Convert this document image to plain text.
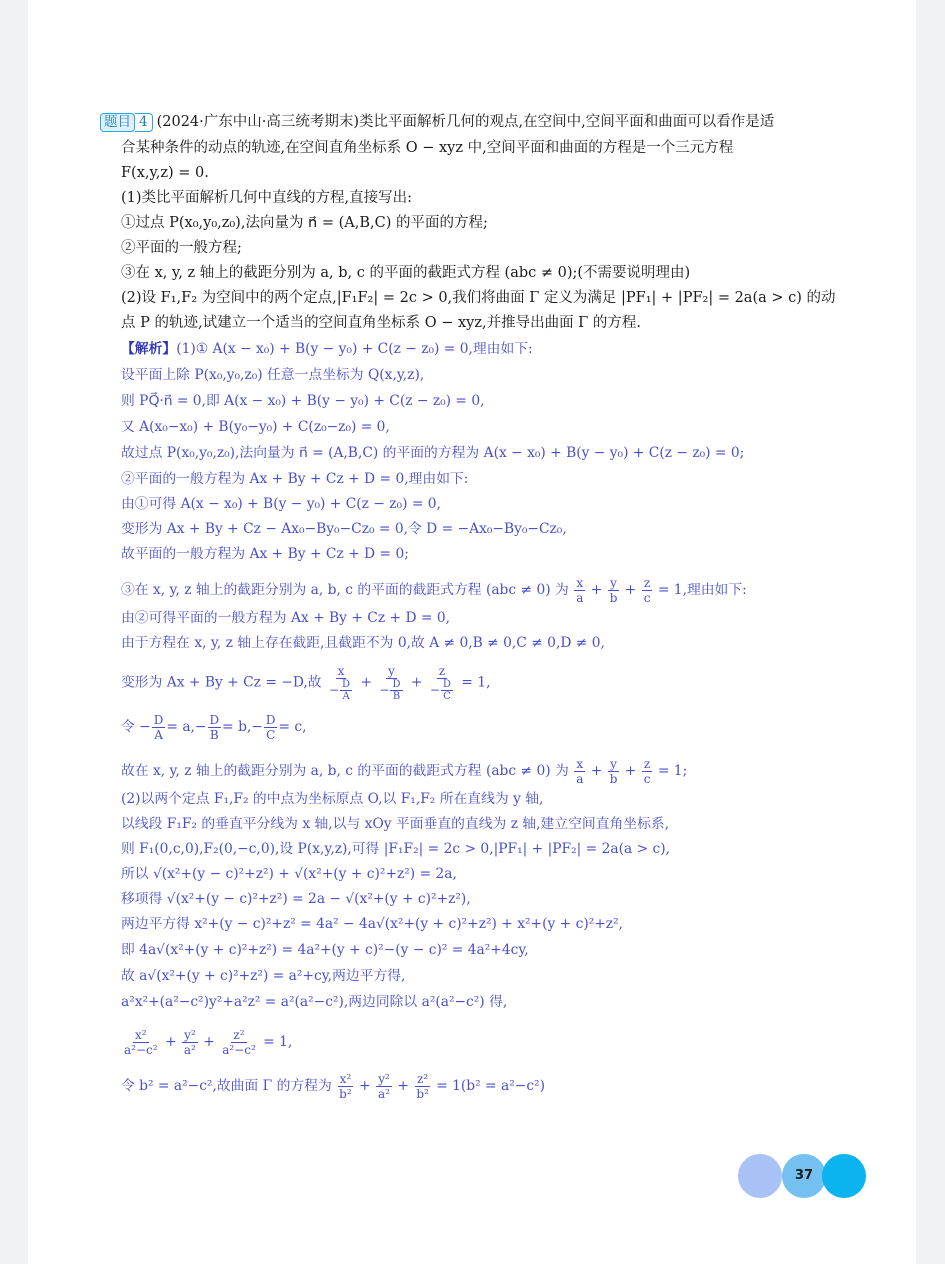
题目 4 (2024·广东中山·高三统考期末)类比平面解析几何的观点,在空间中,空间平面和曲面可以看作是适
合某种条件的动点的轨迹,在空间直角坐标系 O − xyz 中,空间平面和曲面的方程是一个三元方程
F(x,y,z) = 0.
(1)类比平面解析几何中直线的方程,直接写出:
①过点 P(x₀,y₀,z₀),法向量为 n⃗ = (A,B,C) 的平面的方程;
②平面的一般方程;
③在 x, y, z 轴上的截距分别为 a, b, c 的平面的截距式方程 (abc ≠ 0);(不需要说明理由)
(2)设 F₁,F₂ 为空间中的两个定点,|F₁F₂| = 2c > 0,我们将曲面 Γ 定义为满足 |PF₁| + |PF₂| = 2a(a > c) 的动
点 P 的轨迹,试建立一个适当的空间直角坐标系 O − xyz,并推导出曲面 Γ 的方程.
【解析】(1)① A(x − x₀) + B(y − y₀) + C(z − z₀) = 0,理由如下:
设平面上除 P(x₀,y₀,z₀) 任意一点坐标为 Q(x,y,z),
则 PQ⃗·n⃗ = 0,即 A(x − x₀) + B(y − y₀) + C(z − z₀) = 0,
又 A(x₀−x₀) + B(y₀−y₀) + C(z₀−z₀) = 0,
故过点 P(x₀,y₀,z₀),法向量为 n⃗ = (A,B,C) 的平面的方程为 A(x − x₀) + B(y − y₀) + C(z − z₀) = 0;
②平面的一般方程为 Ax + By + Cz + D = 0,理由如下:
由①可得 A(x − x₀) + B(y − y₀) + C(z − z₀) = 0,
变形为 Ax + By + Cz − Ax₀−By₀−Cz₀ = 0,令 D = −Ax₀−By₀−Cz₀,
故平面的一般方程为 Ax + By + Cz + D = 0;
③在 x, y, z 轴上的截距分别为 a, b, c 的平面的截距式方程 (abc ≠ 0) 为 $\frac{x}{a} + \frac{y}{b} + \frac{z}{c} = 1$,理由如下:
由②可得平面的一般方程为 Ax + By + Cz + D = 0,
由于方程在 x, y, z 轴上存在截距,且截距不为 0,故 A ≠ 0,B ≠ 0,C ≠ 0,D ≠ 0,
变形为 Ax + By + Cz = −D,故 $\frac{x}{- \frac{D}{A}} + \frac{y}{- \frac{D}{B}} + \frac{z}{- \frac{D}{C}} = 1$,
令 − $\frac{D}{A} = a,- \frac{D}{B} = b,- \frac{D}{C} = c$,
故在 x, y, z 轴上的截距分别为 a, b, c 的平面的截距式方程 (abc ≠ 0) 为 $\frac{x}{a} + \frac{y}{b} + \frac{z}{c} = 1$;
(2)以两个定点 F₁,F₂ 的中点为坐标原点 O,以 F₁,F₂ 所在直线为 y 轴,
以线段 F₁F₂ 的垂直平分线为 x 轴,以与 xOy 平面垂直的直线为 z 轴,建立空间直角坐标系,
则 F₁(0,c,0),F₂(0,−c,0),设 P(x,y,z),可得 |F₁F₂| = 2c > 0,|PF₁| + |PF₂| = 2a(a > c),
所以 √(x²+(y − c)²+z²) + √(x²+(y + c)²+z²) = 2a,
移项得 √(x²+(y − c)²+z²) = 2a − √(x²+(y + c)²+z²),
两边平方得 x²+(y − c)²+z² = 4a² − 4a√(x²+(y + c)²+z²) + x²+(y + c)²+z²,
即 4a√(x²+(y + c)²+z²) = 4a²+(y + c)²−(y − c)² = 4a²+4cy,
故 a√(x²+(y + c)²+z²) = a²+cy,两边平方得,
a²x²+(a²−c²)y²+a²z² = a²(a²−c²),两边同除以 a²(a²−c²) 得,
$\frac{\text{x²}}{\text{a²−c²}} + \frac{\text{y²}}{\text{a²}} + \frac{\text{z²}}{\text{a²−c²}} = 1$,
令 b² = a²−c²,故曲面 Γ 的方程为 $\frac{\text{x²}}{\text{b²}} + \frac{\text{y²}}{\text{a²}} + \frac{\text{z²}}{\text{b²}} = 1(b^2 = a^2-c^2)$
37
